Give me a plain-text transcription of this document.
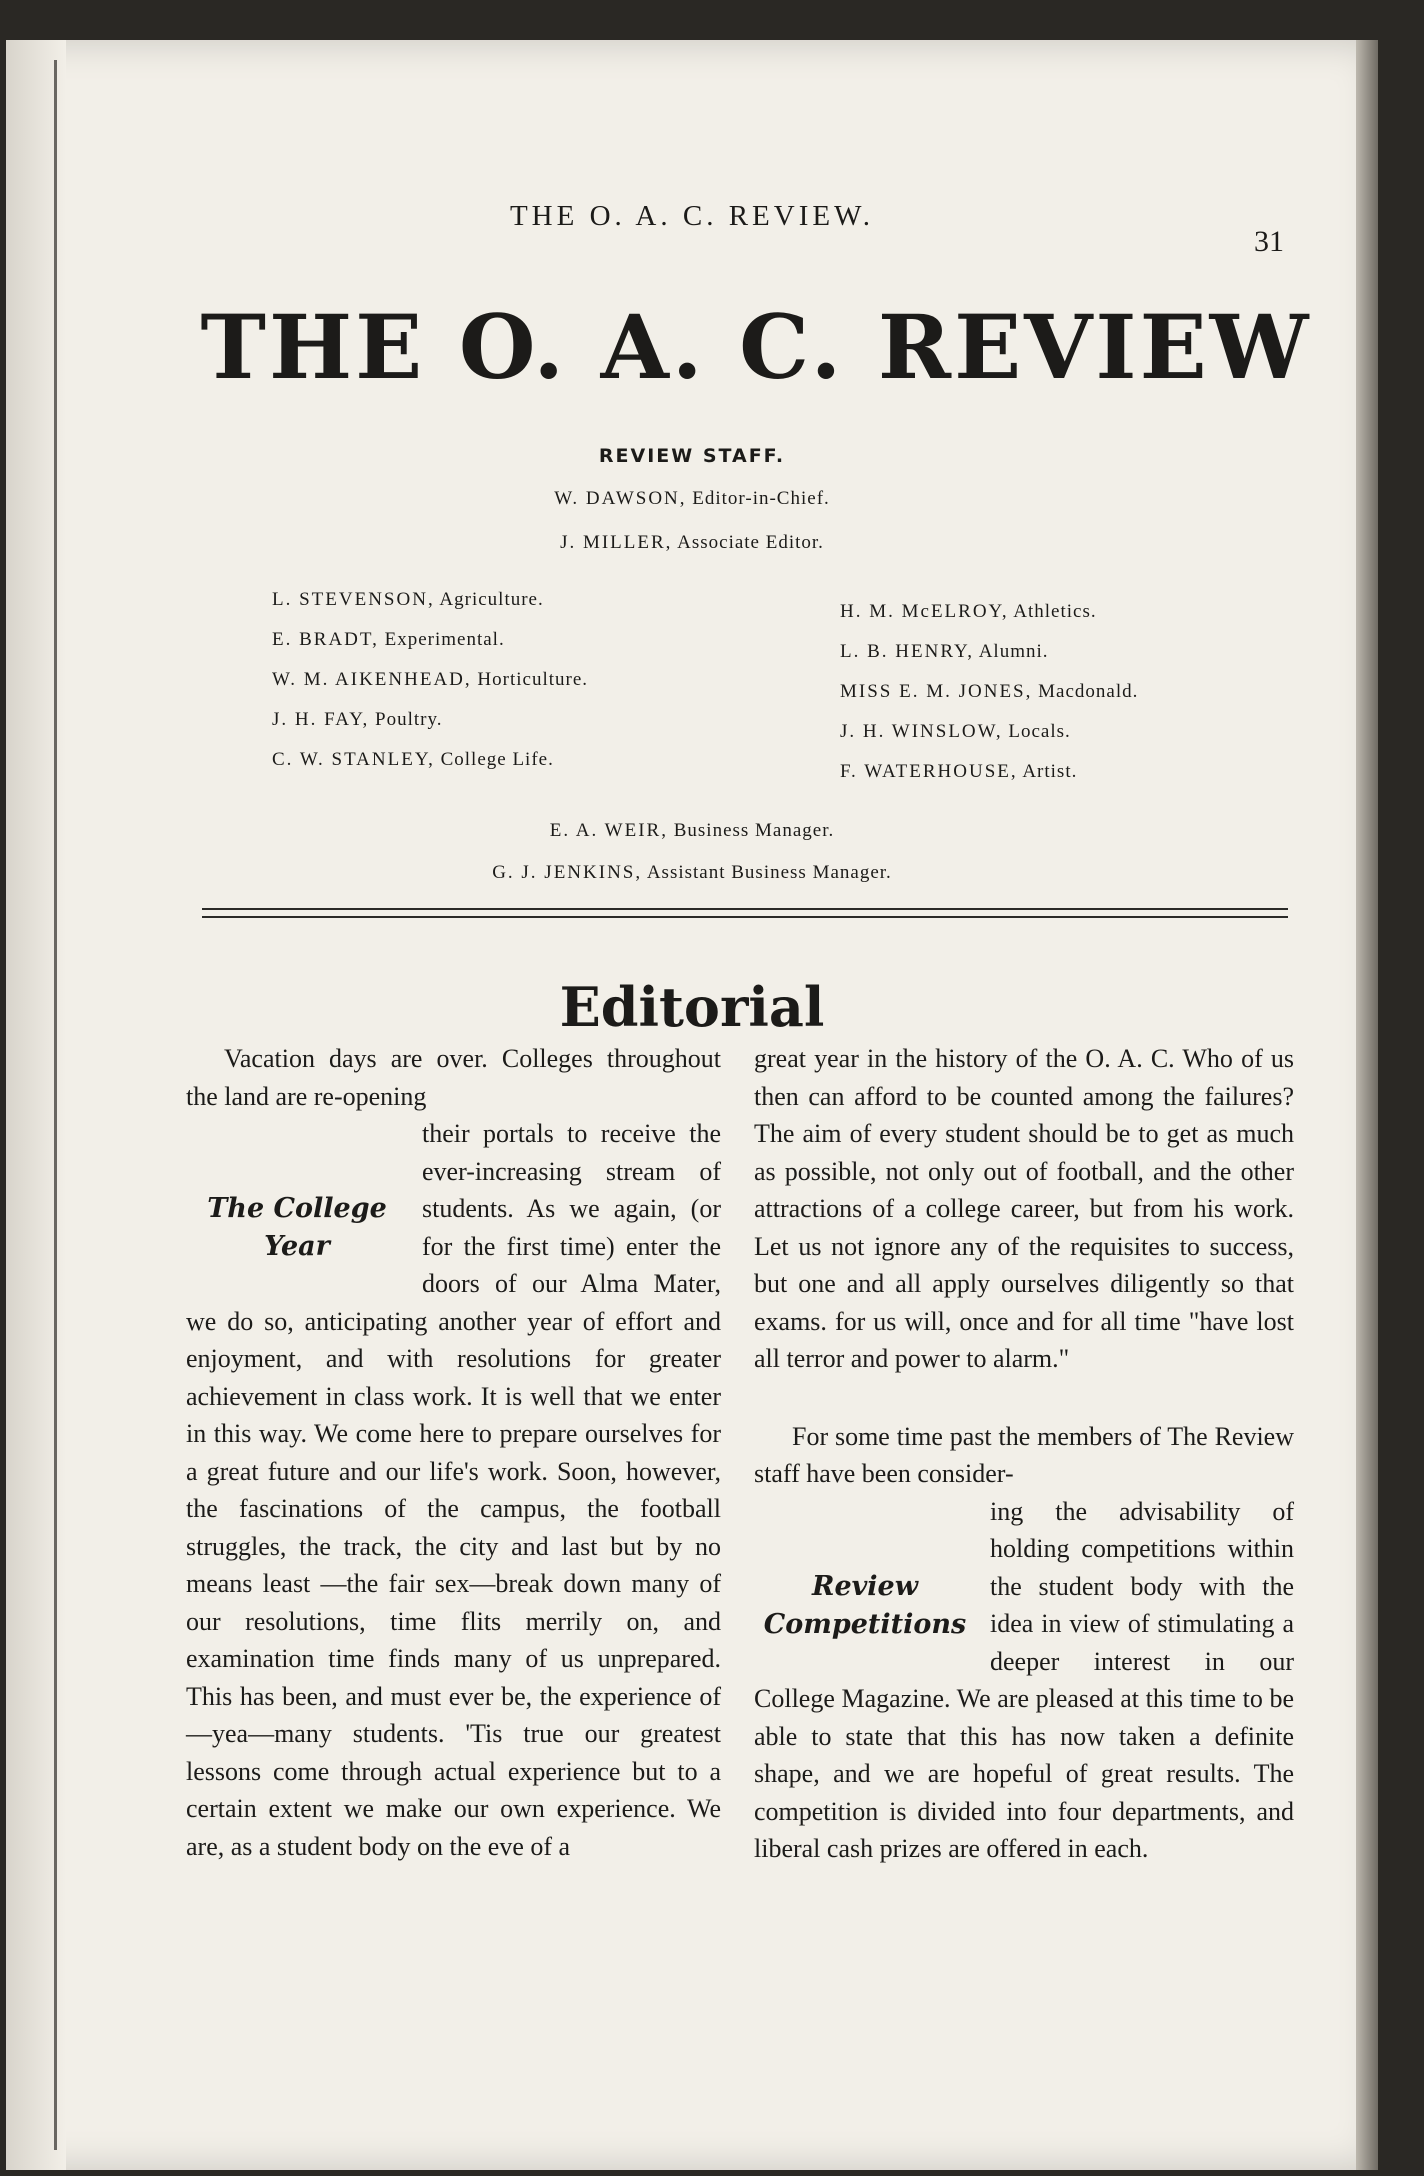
THE O. A. C. REVIEW.
31
THE O. A. C. REVIEW
REVIEW STAFF.
W. DAWSON, Editor-in-Chief.
J. MILLER, Associate Editor.
L. STEVENSON, Agriculture.
E. BRADT, Experimental.
W. M. AIKENHEAD, Horticulture.
J. H. FAY, Poultry.
C. W. STANLEY, College Life.
H. M. McELROY, Athletics.
L. B. HENRY, Alumni.
MISS E. M. JONES, Macdonald.
J. H. WINSLOW, Locals.
F. WATERHOUSE, Artist.
E. A. WEIR, Business Manager.
G. J. JENKINS, Assistant Business Manager.
Editorial

Vacation days are over. Colleges throughout the land are re-opening

The College Year

their portals to receive the ever-increasing stream of students. As we again, (or for the first time) enter the doors of our Alma Mater, we do so, anticipating another year of effort and enjoyment, and with resolutions for greater achievement in class work. It is well that we enter in this way. We come here to prepare ourselves for a great future and our life's work. Soon, however, the fascinations of the campus, the football struggles, the track, the city and last but by no means least —the fair sex—break down many of our resolutions, time flits merrily on, and examination time finds many of us unprepared. This has been, and must ever be, the experience of—yea—many students. 'Tis true our greatest lessons come through actual experience but to a certain extent we make our own experience. We are, as a student body on the eve of a

great year in the history of the O. A. C. Who of us then can afford to be counted among the failures? The aim of every student should be to get as much as possible, not only out of football, and the other attractions of a college career, but from his work. Let us not ignore any of the requisites to success, but one and all apply ourselves diligently so that exams. for us will, once and for all time "have lost all terror and power to alarm."

For some time past the members of The Review staff have been consider-

Review Competitions

ing the advisability of holding competitions within the student body with the idea in view of stimulating a deeper interest in our College Magazine. We are pleased at this time to be able to state that this has now taken a definite shape, and we are hopeful of great results. The competition is divided into four departments, and liberal cash prizes are offered in each.
